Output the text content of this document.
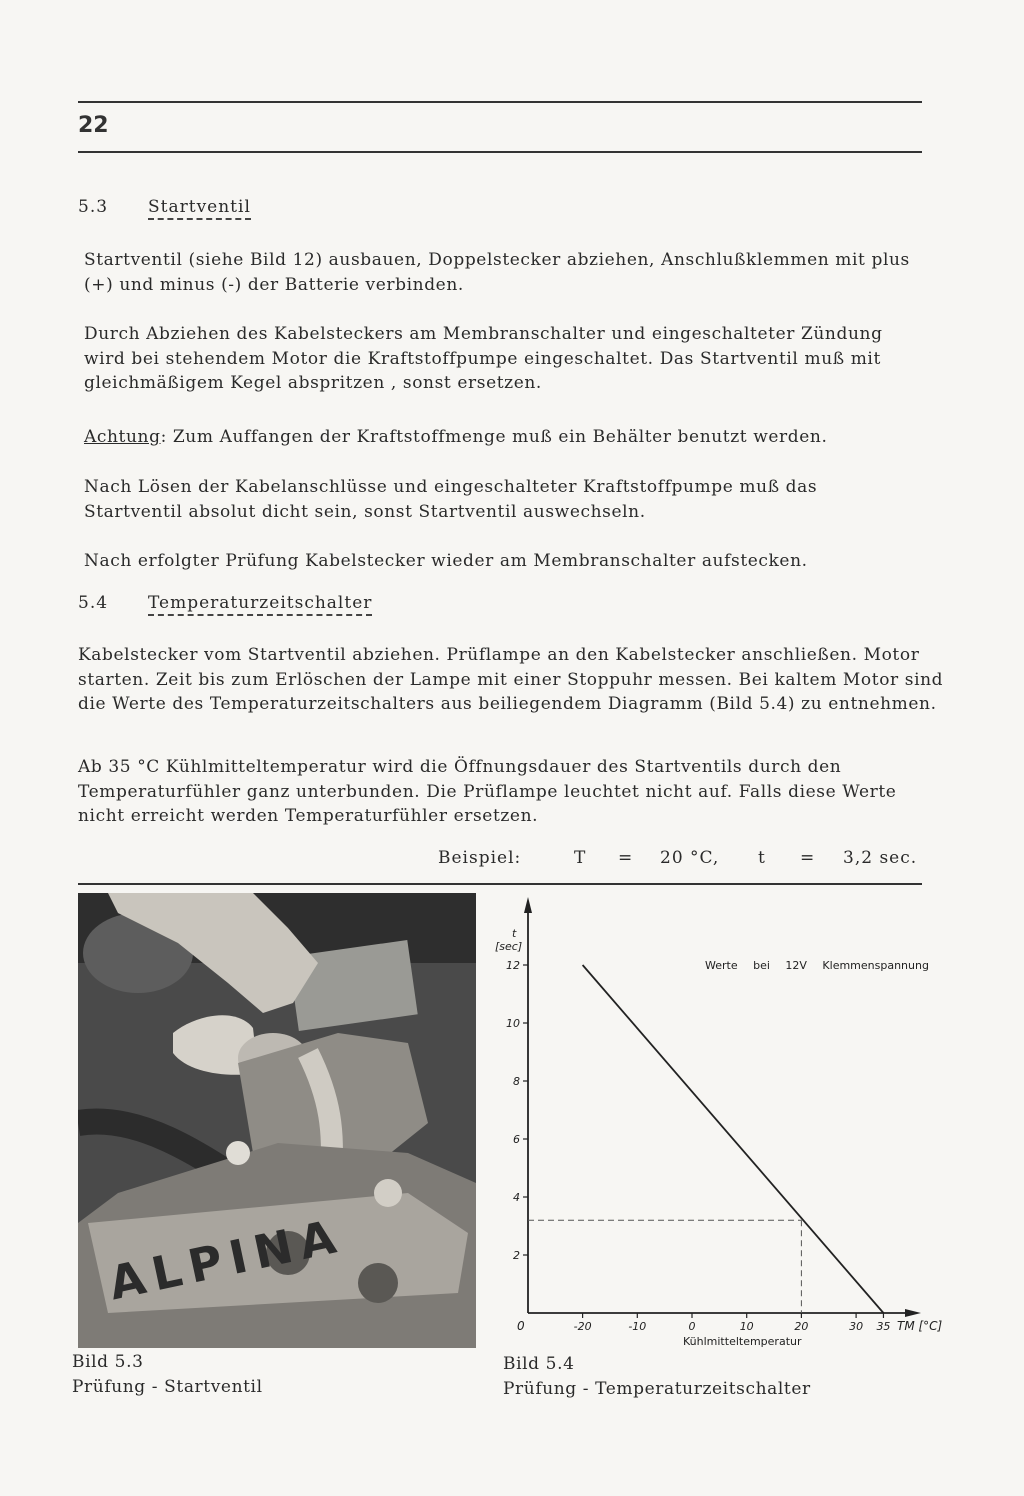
22
5.3 Startventil

Startventil (siehe Bild 12) ausbauen, Doppelstecker abziehen, Anschlußklemmen mit plus (+) und minus (-) der Batterie verbinden.

Durch Abziehen des Kabelsteckers am Membranschalter und eingeschalteter Zündung wird bei stehendem Motor die Kraftstoffpumpe eingeschaltet. Das Startventil muß mit gleichmäßigem Kegel abspritzen , sonst ersetzen.

Achtung: Zum Auffangen der Kraftstoffmenge muß ein Behälter benutzt werden.

Nach Lösen der Kabelanschlüsse und eingeschalteter Kraftstoffpumpe muß das Startventil absolut dicht sein, sonst Startventil auswechseln.

Nach erfolgter Prüfung Kabelstecker wieder am Membranschalter aufstecken.

5.4 Temperaturzeitschalter

Kabelstecker vom Startventil abziehen. Prüflampe an den Kabelstecker anschließen. Motor starten. Zeit bis zum Erlöschen der Lampe mit einer Stoppuhr messen. Bei kaltem Motor sind die Werte des Temperaturzeitschalters aus beiliegendem Diagramm (Bild 5.4) zu entnehmen.

Ab 35 °C Kühlmitteltemperatur wird die Öffnungsdauer des Startventils durch den Temperaturfühler ganz unterbunden. Die Prüflampe leuchtet nicht auf. Falls diese Werte nicht erreicht werden Temperaturfühler ersetzen.

Beispiel:	T = 20 °C, t = 3,2 sec.
ALPINA
Bild 5.3
Prüfung - Startventil
2
4
6
8
10
12
-20	-10	0	10	20	30 35
t
[sec]
TM [°C]
Kühlmitteltemperatur
Werte bei 12V Klemmenspannung
0
Bild 5.4
Prüfung - Temperaturzeitschalter
